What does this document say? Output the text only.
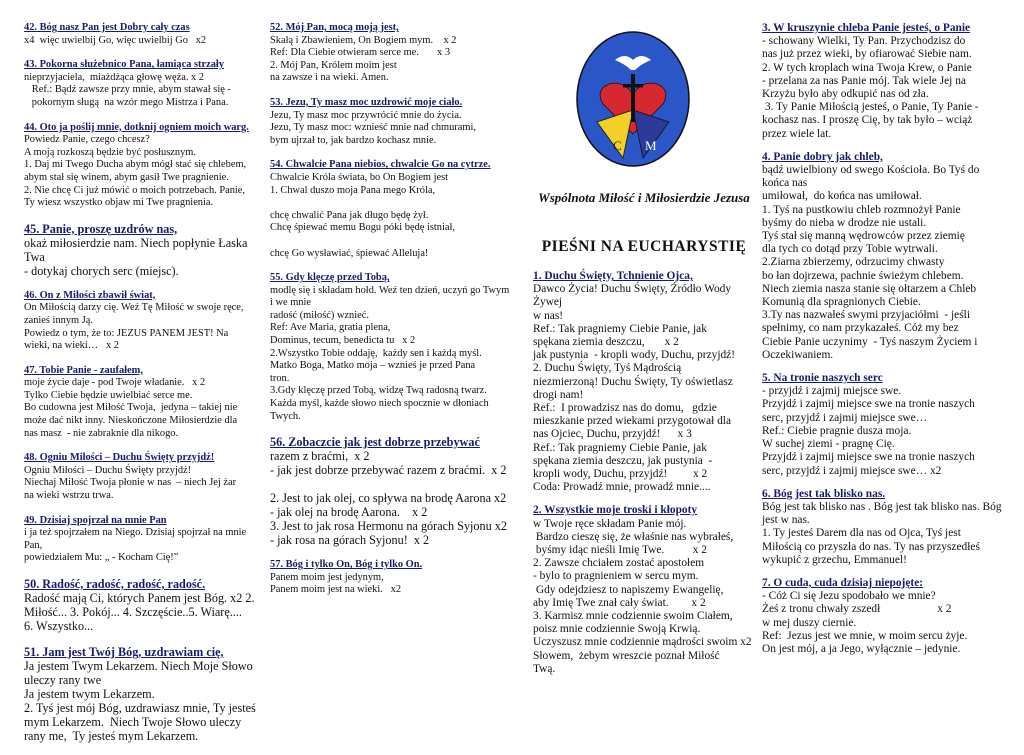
42. Bóg nasz Pan jest Dobry cały czas
x4  więc uwielbij Go, więc uwielbij Go   x2
43. Pokorna służebnico Pana, łamiąca strzały
nieprzyjaciela,  miażdżąca głowę węża. x 2
Ref.: Bądź zawsze przy mnie, abym stawał się -
pokornym sługą  na wzór mego Mistrza i Pana.
44. Oto ja poślij mnie, dotknij ogniem moich warg.
Powiedz Panie, czego chcesz?
A moją rozkoszą będzie być posłusznym.
1. Daj mi Twego Ducha abym mógł stać się chlebem,
abym stał się winem, abym gasił Twe pragnienie.
2. Nie chcę Ci już mówić o moich potrzebach. Panie,
Ty wiesz wszystko objaw mi Twe pragnienia.
45. Panie, proszę uzdrów nas,
okaż miłosierdzie nam. Niech popłynie Łaska Twa
- dotykaj chorych serc (miejsc).
46. On z Miłości zbawił świat,
On Miłością darzy cię. Weź Tę Miłość w swoje ręce, zanieś innym Ją.
Powiedz o tym, że to: JEZUS PANEM JEST! Na
wieki, na wieki…   x 2
47. Tobie Panie - zaufałem,
moje życie daje - pod Twoje władanie.   x 2
Tylko Ciebie będzie uwielbiać serce me.
Bo cudowna jest Miłość Twoja,  jedyna – takiej nie
może dać nikt inny. Nieskończone Miłosierdzie dla
nas masz  - nie zabraknie dla nikogo.
48. Ogniu Miłości – Duchu Święty przyjdź!
Ogniu Miłości – Duchu Święty przyjdź!
Niechaj Miłość Twoja płonie w nas  – niech Jej żar
na wieki wstrzu trwa.
49. Dzisiaj spojrzał na mnie Pan
i ja też spojrzałem na Niego. Dzisiaj spojrzał na mnie Pan,
powiedziałem Mu: „ - Kocham Cię!”
50. Radość, radość, radość, radość.
Radość mają Ci, których Panem jest Bóg. x2 2.
Miłość... 3. Pokój... 4. Szczęście..5. Wiarę....
6. Wszystko...
51. Jam jest Twój Bóg, uzdrawiam cię,
Ja jestem Twym Lekarzem. Niech Moje Słowo
uleczy rany twe
Ja jestem twym Lekarzem.
2. Tyś jest mój Bóg, uzdrawiasz mnie, Ty jesteś
mym Lekarzem.  Niech Twoje Słowo uleczy
rany me,  Ty jesteś mym Lekarzem.
52. Mój Pan, mocą moją jest,
Skałą i Zbawieniem, On Bogiem mym.    x 2
Ref: Dla Ciebie otwieram serce me.       x 3
2. Mój Pan, Królem moim jest
na zawsze i na wieki. Amen.
53. Jezu, Ty masz moc uzdrowić moje ciało.
Jezu, Ty masz moc przywrócić mnie do życia.
Jezu, Ty masz moc: wznieść mnie nad chmurami,
bym ujrzał to, jak bardzo kochasz mnie.
54. Chwalcie Pana niebios, chwalcie Go na cytrze.
Chwalcie Króla świata, bo On Bogiem jest
1. Chwal duszo moja Pana mego Króla,

chcę chwalić Pana jak długo będę żył.
Chcę śpiewać memu Bogu póki będę istniał,

chcę Go wysławiać, śpiewać Alleluja!
55. Gdy klęczę przed Tobą,
modlę się i składam hołd. Weź ten dzień, uczyń go Twym i we mnie
radość (miłość) wznieć.
Ref: Ave Maria, gratia plena,
Dominus, tecum, benedicta tu   x 2
2.Wszystko Tobie oddaję,  każdy sen i każdą myśl.
Matko Boga, Matko moja – wznieś je przed Pana
tron.
3.Gdy klęczę przed Tobą, widzę Twą radosną twarz.
Każda myśl, każde słowo niech spocznie w dłoniach
Twych.
56. Zobaczcie jak jest dobrze przebywać
razem z braćmi,  x 2
- jak jest dobrze przebywać razem z braćmi.  x 2

2. Jest to jak olej, co spływa na brodę Aarona x2
- jak olej na brodę Aarona.    x 2
3. Jest to jak rosa Hermonu na górach Syjonu x2
- jak rosa na górach Syjonu!  x 2
57. Bóg i tylko On, Bóg i tylko On.
Panem moim jest jedynym,
Panem moim jest na wieki.   x2
C M
Wspólnota Miłość i Miłosierdzie Jezusa
PIEŚNI NA EUCHARYSTIĘ
1. Duchu Święty, Tchnienie Ojca,
Dawco Życia! Duchu Święty, Źródło Wody Żywej
w nas!
Ref.: Tak pragniemy Ciebie Panie, jak
spękana ziemia deszczu,       x 2
jak pustynia  - kropli wody, Duchu, przyjdź!
2. Duchu Święty, Tyś Mądrością
niezmierzoną! Duchu Święty, Ty oświetlasz
drogi nam!
Ref.:  I prowadzisz nas do domu,   gdzie
mieszkanie przed wiekami przygotował dla
nas Ojciec, Duchu, przyjdź!      x 3
Ref.: Tak pragniemy Ciebie Panie, jak
spękana ziemia deszczu, jak pustynia  -
kropli wody, Duchu, przyjdź!         x 2
Coda: Prowadź mnie, prowadź mnie....
2. Wszystkie moje troski i kłopoty
w Twoje ręce składam Panie mój.
Bardzo cieszę się, że właśnie nas wybrałeś,
byśmy idąc nieśli Imię Twe.          x 2
2. Zawsze chciałem zostać apostołem
- bylo to pragnieniem w sercu mym.
Gdy odejdziesz to napiszemy Ewangelię,
aby Imię Twe znał cały świat.        x 2
3. Karmisz mnie codziennie swoim Ciałem,
poisz mnie codziennie Swoją Krwią.
Uczyszusz mnie codziennie mądrości swoim x2
Słowem,  żebym wreszcie poznał Miłość
Twą.
3. W kruszynie chleba Panie jesteś, o Panie
- schowany Wielki, Ty Pan. Przychodzisz do
nas już przez wieki, by ofiarować Siebie nam.
2. W tych kroplach wina Twoja Krew, o Panie
- przelana za nas Panie mój. Tak wiele Jej na
Krzyżu było aby odkupić nas od zła.
3. Ty Panie Miłością jesteś, o Panie, Ty Panie -
kochasz nas. I proszę Cię, by tak było – wciąż
przez wiele lat.
4. Panie dobry jak chleb,
bądź uwielbiony od swego Kościoła. Bo Tyś do końca nas
umiłował,  do końca nas umiłował.
1. Tyś na pustkowiu chleb rozmnożył Panie
byśmy do nieba w drodze nie ustali.
Tyś stał się manną wędrowców przez ziemię
dla tych co dotąd przy Tobie wytrwali.
2.Ziarna zbierzemy, odrzucimy chwasty
bo łan dojrzewa, pachnie świeżym chlebem.
Niech ziemia nasza stanie się ołtarzem a Chleb
Komunią dla spragnionych Ciebie.
3.Ty nas nazwałeś swymi przyjaciółmi  - jeśli
spełnimy, co nam przykazałeś. Cóż my bez
Ciebie Panie uczynimy  - Tyś naszym Życiem i
Oczekiwaniem.
5. Na tronie naszych serc
- przyjdź i zajmij miejsce swe.
Przyjdź i zajmij miejsce swe na tronie naszych
serc, przyjdź i zajmij miejsce swe…
Ref.: Ciebie pragnie dusza moja.
W suchej ziemi - pragnę Cię.
Przyjdź i zajmij miejsce swe na tronie naszych
serc, przyjdź i zajmij miejsce swe… x2
6. Bóg jest tak blisko nas.
Bóg jest tak blisko nas . Bóg jest tak blisko nas. Bóg jest w nas.
1. Ty jesteś Darem dla nas od Ojca, Tyś jest
Miłością co przyszła do nas. Ty nas przyszedłeś
wykupić z grzechu, Emmanuel!
7. O cuda, cuda dzisiaj niepojęte:
- Cóż Ci się Jezu spodobało we mnie?
Żeś z tronu chwały zszedł                    x 2
w mej duszy ciernie.
Ref:  Jezus jest we mnie, w moim sercu żyje.
On jest mój, a ja Jego, wyłącznie – jedynie.
